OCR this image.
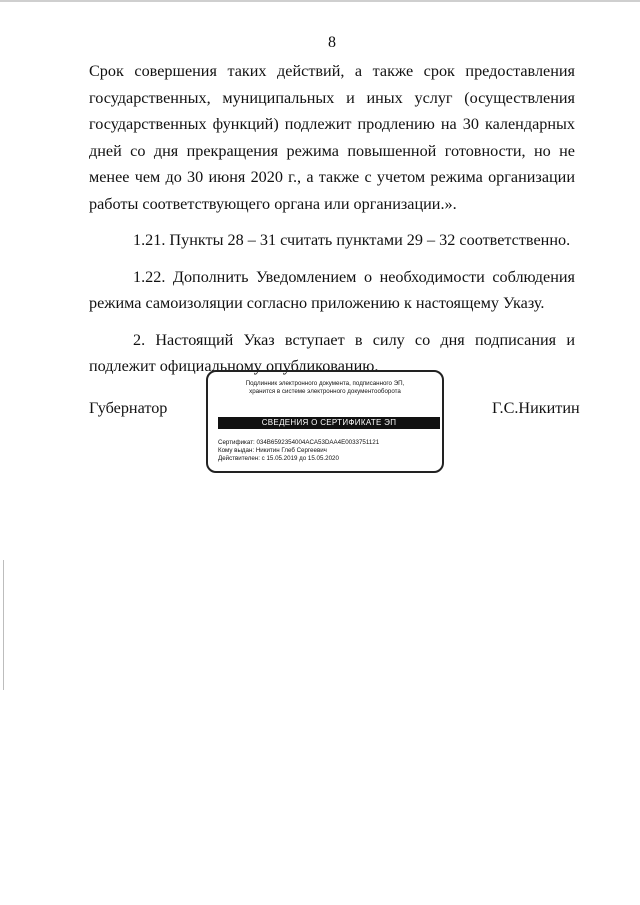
8

Срок совершения таких действий, а также срок предоставления государственных, муниципальных и иных услуг (осуществления государственных функций) подлежит продлению на 30 календарных дней со дня прекращения режима повышенной готовности, но не менее чем до 30 июня 2020 г., а также с учетом режима организации работы соответствующего органа или организации.».

1.21. Пункты 28 – 31 считать пунктами 29 – 32 соответственно.

1.22. Дополнить Уведомлением о необходимости соблюдения режима самоизоляции согласно приложению к настоящему Указу.

2. Настоящий Указ вступает в силу со дня подписания и подлежит официальному опубликованию.

Губернатор
Подлинник электронного документа, подписанного ЭП,
хранится в системе электронного документооборота
СВЕДЕНИЯ О СЕРТИФИКАТЕ ЭП
Сертификат: 034B6592354004ACA53DAA4E0033751121
Кому выдан: Никитин Глеб Сергеевич
Действителен: с 15.05.2019 до 15.05.2020
Г.С.Никитин
